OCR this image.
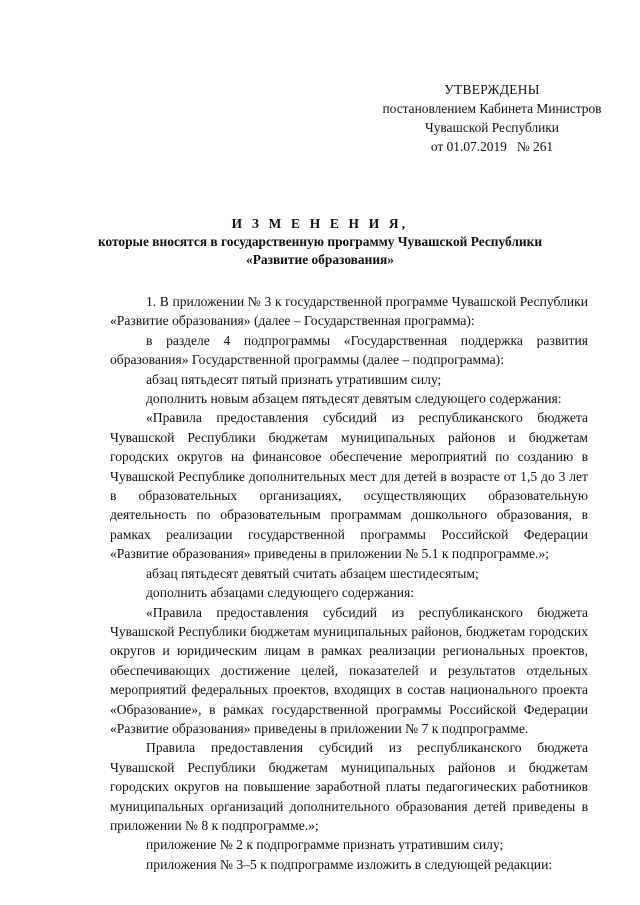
УТВЕРЖДЕНЫ
постановлением Кабинета Министров
Чувашской Республики
от 01.07.2019   № 261
И З М Е Н Е Н И Я,
которые вносятся в государственную программу Чувашской Республики
«Развитие образования»

1. В приложении № 3 к государственной программе Чувашской Республики «Развитие образования» (далее – Государственная программа):

в разделе 4 подпрограммы «Государственная поддержка развития образования» Государственной программы (далее – подпрограмма):

абзац пятьдесят пятый признать утратившим силу;

дополнить новым абзацем пятьдесят девятым следующего содержания:

«Правила предоставления субсидий из республиканского бюджета Чувашской Республики бюджетам муниципальных районов и бюджетам городских округов на финансовое обеспечение мероприятий по созданию в Чувашской Республике дополнительных мест для детей в возрасте от 1,5 до 3 лет в образовательных организациях, осуществляющих образовательную деятельность по образовательным программам дошкольного образования, в рамках реализации государственной программы Российской Федерации «Развитие образования» приведены в приложении № 5.1 к подпрограмме.»;

абзац пятьдесят девятый считать абзацем шестидесятым;

дополнить абзацами следующего содержания:

«Правила предоставления субсидий из республиканского бюджета Чувашской Республики бюджетам муниципальных районов, бюджетам городских округов и юридическим лицам в рамках реализации региональных проектов, обеспечивающих достижение целей, показателей и результатов отдельных мероприятий федеральных проектов, входящих в состав национального проекта «Образование», в рамках государственной программы Российской Федерации «Развитие образования» приведены в приложении № 7 к подпрограмме.

Правила предоставления субсидий из республиканского бюджета Чувашской Республики бюджетам муниципальных районов и бюджетам городских округов на повышение заработной платы педагогических работников муниципальных организаций дополнительного образования детей приведены в приложении № 8 к подпрограмме.»;

приложение № 2 к подпрограмме признать утратившим силу;

приложения № 3–5 к подпрограмме изложить в следующей редакции:
